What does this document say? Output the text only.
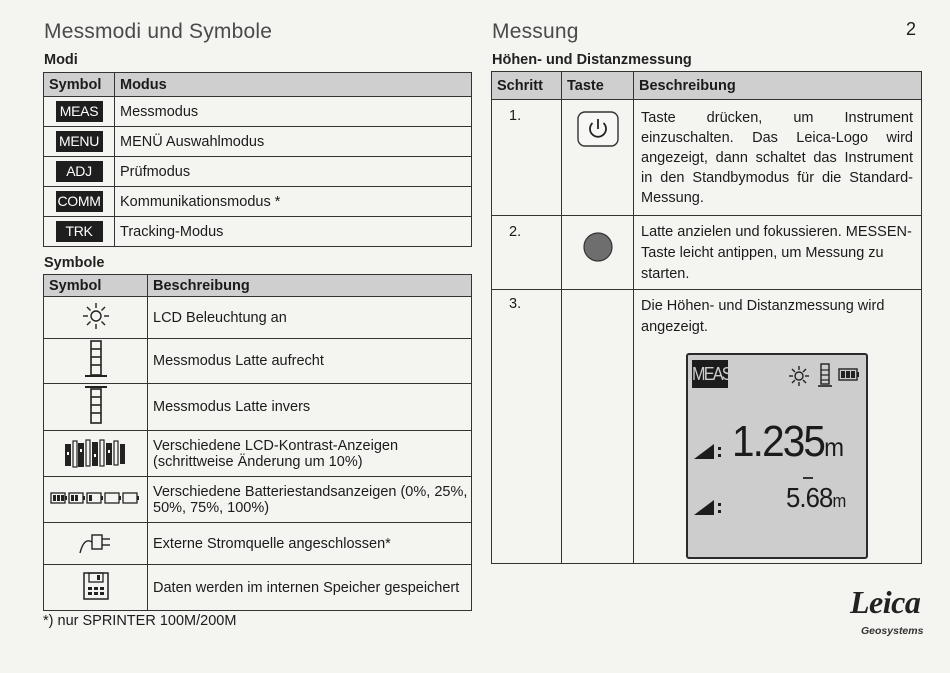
Messmodi und Symbole
Modi
Symbol	Modus
MEAS	Messmodus
MENU	MENÜ Auswahlmodus
ADJ	Prüfmodus
COMM	Kommunikationsmodus *
TRK	Tracking-Modus
Symbole
Symbol	Beschreibung
	LCD Beleuchtung an
	Messmodus Latte aufrecht
	Messmodus Latte invers
	Verschiedene LCD-Kontrast-Anzeigen (schrittweise Änderung um 10%)
	Verschiedene Batteriestandsanzeigen (0%, 25%, 50%, 75%, 100%)
	Externe Stromquelle angeschlossen*
	Daten werden im internen Speicher gespeichert
*) nur SPRINTER 100M/200M
Messung	2
Höhen- und Distanzmessung
Schritt	Taste	Beschreibung
1.		Taste drücken, um Instrument einzuschalten. Das Leica-Logo wird angezeigt, dann schaltet das Instrument in den Standbymodus für die Standard-Messung.
2.		Latte anzielen und fokussieren. MESSEN-Taste leicht antippen, um Messung zu starten.
3.		Die Höhen- und Distanzmessung wird angezeigt.
MEAS
1.235m
5.68m
Leica
Geosystems
